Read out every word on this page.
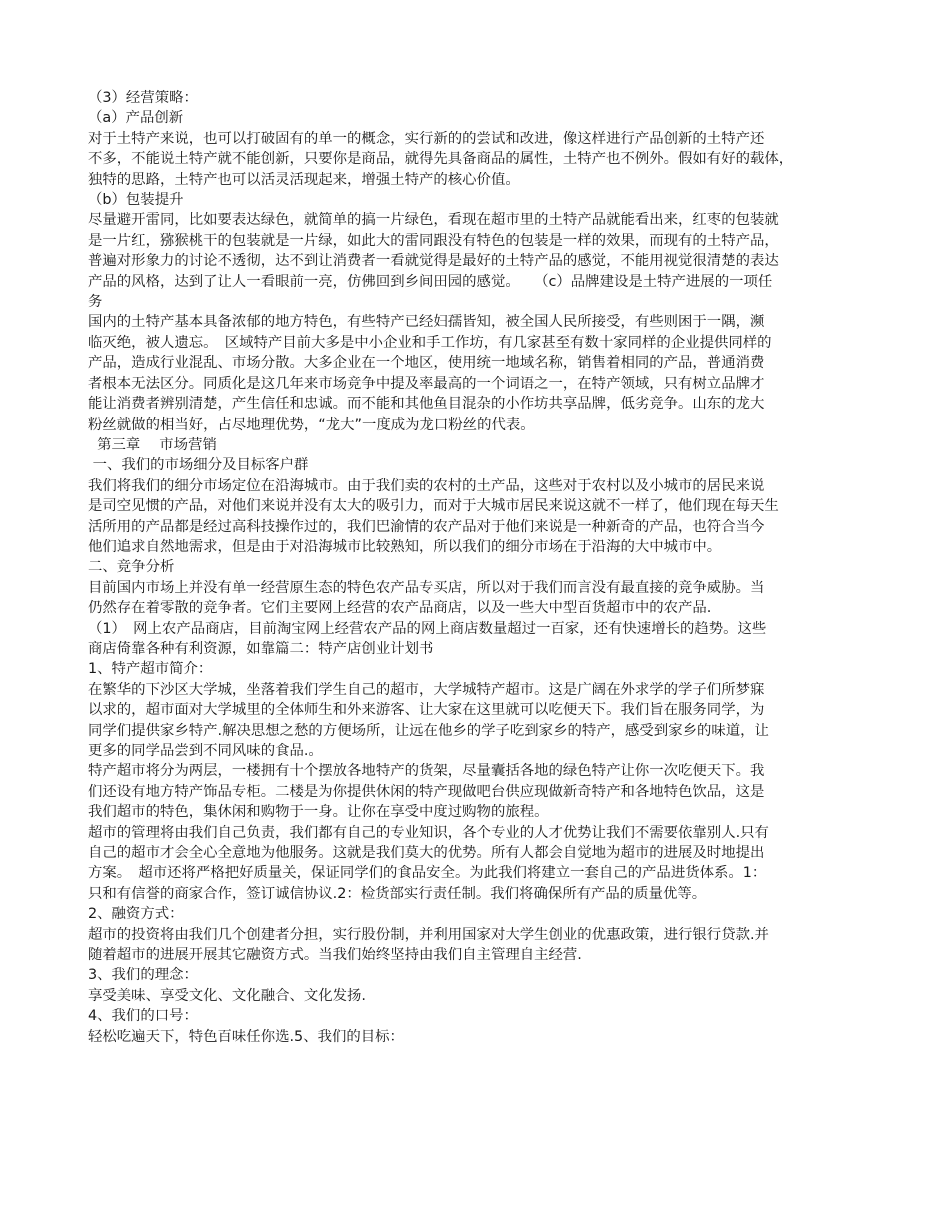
（3）经营策略：
（a）产品创新
对于土特产来说，也可以打破固有的单一的概念，实行新的的尝试和改进，像这样进行产品创新的土特产还
不多，不能说土特产就不能创新，只要你是商品，就得先具备商品的属性，土特产也不例外。假如有好的载体，
独特的思路，土特产也可以活灵活现起来，增强土特产的核心价值。
（b）包装提升
尽量避开雷同，比如要表达绿色，就简单的搞一片绿色，看现在超市里的土特产品就能看出来，红枣的包装就
是一片红，猕猴桃干的包装就是一片绿，如此大的雷同跟没有特色的包装是一样的效果，而现有的土特产品，
普遍对形象力的讨论不透彻，达不到让消费者一看就觉得是最好的土特产品的感觉，不能用视觉很清楚的表达
产品的风格，达到了让人一看眼前一亮，仿佛回到乡间田园的感觉。　　（c）品牌建设是土特产进展的一项任
务
国内的土特产基本具备浓郁的地方特色，有些特产已经妇孺皆知，被全国人民所接受，有些则困于一隅，濒
临灭绝，被人遗忘。　区域特产目前大多是中小企业和手工作坊，有几家甚至有数十家同样的企业提供同样的
产品，造成行业混乱、市场分散。大多企业在一个地区，使用统一地域名称，销售着相同的产品，普通消费
者根本无法区分。同质化是这几年来市场竞争中提及率最高的一个词语之一，在特产领域，只有树立品牌才
能让消费者辨别清楚，产生信任和忠诚。而不能和其他鱼目混杂的小作坊共享品牌，低劣竞争。山东的龙大
粉丝就做的相当好，占尽地理优势，“龙大”一度成为龙口粉丝的代表。
第三章　 市场营销
一、我们的市场细分及目标客户群
我们将我们的细分市场定位在沿海城市。由于我们卖的农村的土产品，这些对于农村以及小城市的居民来说
是司空见惯的产品，对他们来说并没有太大的吸引力，而对于大城市居民来说这就不一样了，他们现在每天生
活所用的产品都是经过高科技操作过的，我们巴渝情的农产品对于他们来说是一种新奇的产品，也符合当今
他们追求自然地需求，但是由于对沿海城市比较熟知，所以我们的细分市场在于沿海的大中城市中。
二、竞争分析
目前国内市场上并没有单一经营原生态的特色农产品专买店，所以对于我们而言没有最直接的竞争威胁。当
仍然存在着零散的竞争者。它们主要网上经营的农产品商店，以及一些大中型百货超市中的农产品.
（1）　网上农产品商店，目前淘宝网上经营农产品的网上商店数量超过一百家，还有快速增长的趋势。这些
商店倚靠各种有利资源，如靠篇二：特产店创业计划书
1、特产超市简介：
在繁华的下沙区大学城，坐落着我们学生自己的超市，大学城特产超市。这是广阔在外求学的学子们所梦寐
以求的，超市面对大学城里的全体师生和外来游客、让大家在这里就可以吃便天下。我们旨在服务同学，为
同学们提供家乡特产.解决思想之愁的方便场所，让远在他乡的学子吃到家乡的特产，感受到家乡的味道，让
更多的同学品尝到不同风味的食品.。
特产超市将分为两层，一楼拥有十个摆放各地特产的货架，尽量囊括各地的绿色特产让你一次吃便天下。我
们还设有地方特产饰品专柜。二楼是为你提供休闲的特产现做吧台供应现做新奇特产和各地特色饮品，这是
我们超市的特色，集休闲和购物于一身。让你在享受中度过购物的旅程。
超市的管理将由我们自己负责，我们都有自己的专业知识，各个专业的人才优势让我们不需要依靠别人.只有
自己的超市才会全心全意地为他服务。这就是我们莫大的优势。所有人都会自觉地为超市的进展及时地提出
方案。　超市还将严格把好质量关，保证同学们的食品安全。为此我们将建立一套自己的产品进货体系。1：
只和有信誉的商家合作，签订诚信协议.2：检货部实行责任制。我们将确保所有产品的质量优等。
2、融资方式：
超市的投资将由我们几个创建者分担，实行股份制，并利用国家对大学生创业的优惠政策，进行银行贷款.并
随着超市的进展开展其它融资方式。当我们始终坚持由我们自主管理自主经营.
3、我们的理念：
享受美味、享受文化、文化融合、文化发扬.
4、我们的口号：
轻松吃遍天下，特色百味任你选.5、我们的目标：
